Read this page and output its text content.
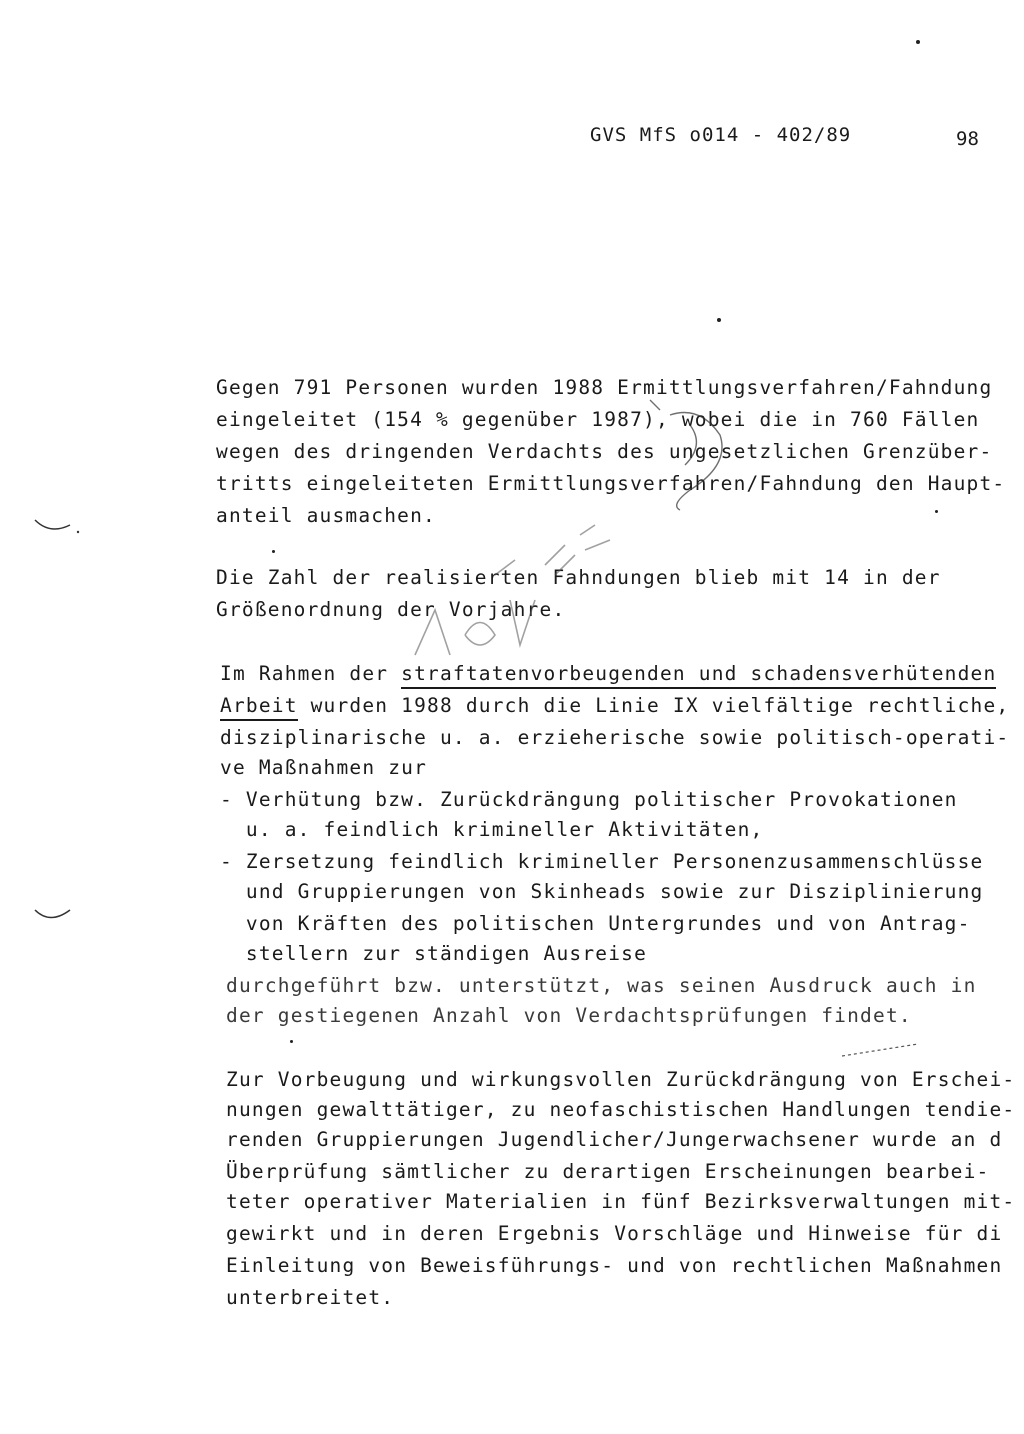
GVS MfS o014 - 402/89	98
Gegen 791 Personen wurden 1988 Ermittlungsverfahren/Fahndung
eingeleitet (154 % gegenüber 1987), wobei die in 760 Fällen
wegen des dringenden Verdachts des ungesetzlichen Grenzüber-
tritts eingeleiteten Ermittlungsverfahren/Fahndung den Haupt-
anteil ausmachen.
Die Zahl der realisierten Fahndungen blieb mit 14 in der
Größenordnung der Vorjahre.
Im Rahmen der straftatenvorbeugenden und schadensverhütenden
Arbeit wurden 1988 durch die Linie IX vielfältige rechtliche,
disziplinarische u. a. erzieherische sowie politisch-operati-
ve Maßnahmen zur
- Verhütung bzw. Zurückdrängung politischer Provokationen
u. a. feindlich krimineller Aktivitäten,
- Zersetzung feindlich krimineller Personenzusammenschlüsse
und Gruppierungen von Skinheads sowie zur Disziplinierung
von Kräften des politischen Untergrundes und von Antrag-
stellern zur ständigen Ausreise
durchgeführt bzw. unterstützt, was seinen Ausdruck auch in
der gestiegenen Anzahl von Verdachtsprüfungen findet.
Zur Vorbeugung und wirkungsvollen Zurückdrängung von Erschei-
nungen gewalttätiger, zu neofaschistischen Handlungen tendie-
renden Gruppierungen Jugendlicher/Jungerwachsener wurde an d
Überprüfung sämtlicher zu derartigen Erscheinungen bearbei-
teter operativer Materialien in fünf Bezirksverwaltungen mit-
gewirkt und in deren Ergebnis Vorschläge und Hinweise für di
Einleitung von Beweisführungs- und von rechtlichen Maßnahmen
unterbreitet.
